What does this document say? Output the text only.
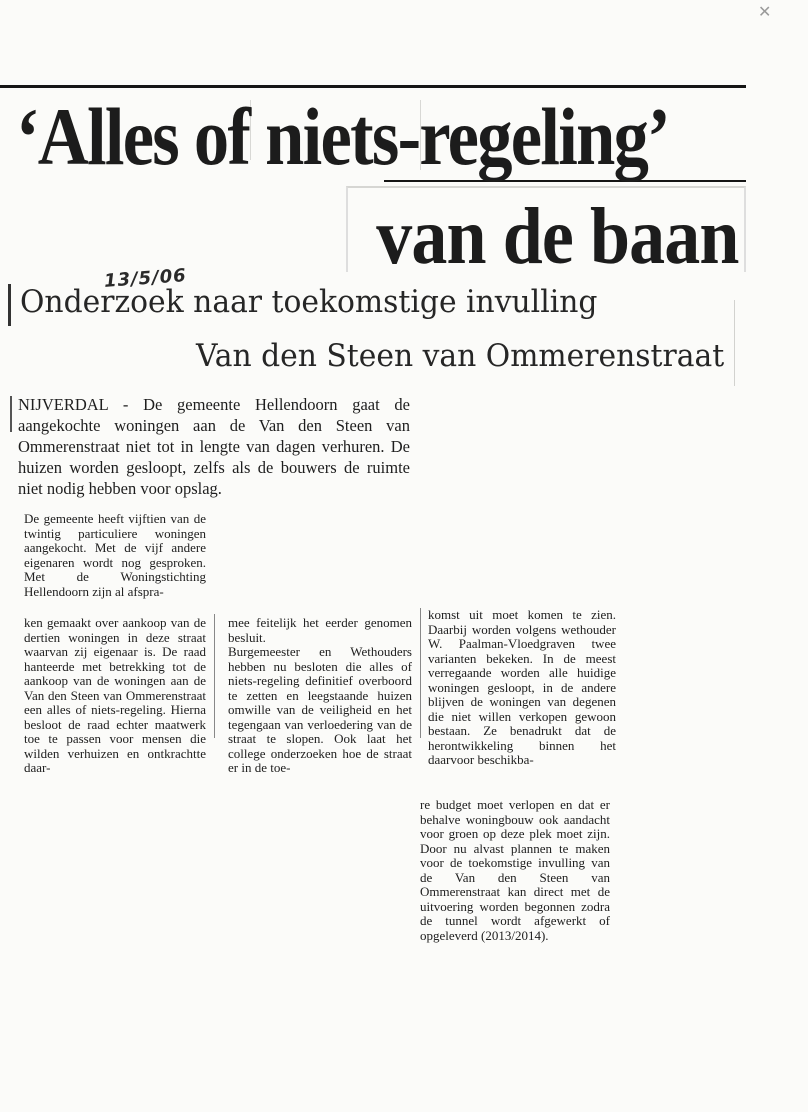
✕
‘Alles of niets-regeling’
van de baan
13/5/06
Onderzoek naar toekomstige invulling
Van den Steen van Ommerenstraat
NIJVERDAL - De gemeente Hellendoorn gaat de aangekochte woningen aan de Van den Steen van Ommerenstraat niet tot in lengte van dagen verhuren. De huizen worden gesloopt, zelfs als de bouwers de ruimte niet nodig hebben voor opslag.

De gemeente heeft vijftien van de twintig particuliere woningen aangekocht. Met de vijf andere eigenaren wordt nog gesproken. Met de Woningstichting Hellendoorn zijn al afspra-

ken gemaakt over aankoop van de dertien woningen in deze straat waarvan zij eigenaar is. De raad hanteerde met betrekking tot de aankoop van de woningen aan de Van den Steen van Ommerenstraat een alles of niets-regeling. Hierna besloot de raad echter maatwerk toe te passen voor mensen die wilden verhuizen en ontkrachtte daar-

mee feitelijk het eerder genomen besluit.

Burgemeester en Wethouders hebben nu besloten die alles of niets-regeling definitief overboord te zetten en leegstaande huizen omwille van de veiligheid en het tegengaan van verloedering van de straat te slopen. Ook laat het college onderzoeken hoe de straat er in de toe-

komst uit moet komen te zien. Daarbij worden volgens wethouder W. Paalman-Vloedgraven twee varianten bekeken. In de meest verregaande worden alle huidige woningen gesloopt, in de andere blijven de woningen van degenen die niet willen verkopen gewoon bestaan. Ze benadrukt dat de herontwikkeling binnen het daarvoor beschikba-

re budget moet verlopen en dat er behalve woningbouw ook aandacht voor groen op deze plek moet zijn. Door nu alvast plannen te maken voor de toekomstige invulling van de Van den Steen van Ommerenstraat kan direct met de uitvoering worden begonnen zodra de tunnel wordt afgewerkt of opgeleverd (2013/2014).
